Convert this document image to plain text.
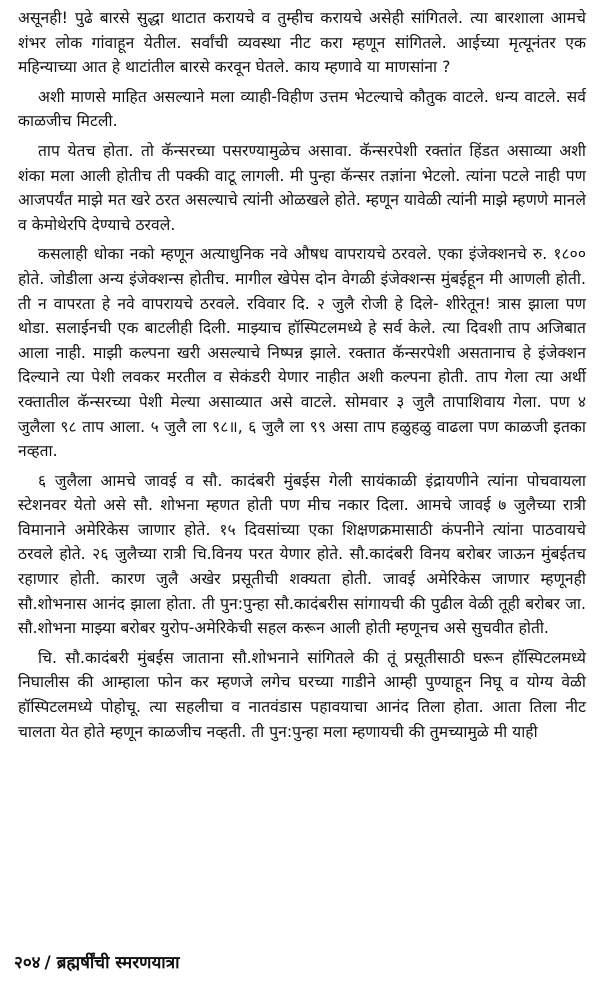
असूनही! पुढे बारसे सुद्धा थाटात करायचे व तुम्हीच करायचे असेही सांगितले. त्या बारशाला आमचे शंभर लोक गांवाहून येतील. सर्वांची व्यवस्था नीट करा म्हणून सांगितले. आईच्या मृत्यूनंतर एक महिन्याच्या आत हे थाटांतील बारसे करवून घेतले. काय म्हणावे या माणसांना ?

अशी माणसे माहित असल्याने मला व्याही-विहीण उत्तम भेटल्याचे कौतुक वाटले. धन्य वाटले. सर्व काळजीच मिटली.

ताप येतच होता. तो कॅन्सरच्या पसरण्यामुळेच असावा. कॅन्सरपेशी रक्तांत हिंडत असाव्या अशी शंका मला आली होतीच ती पक्की वाटू लागली. मी पुन्हा कॅन्सर तज्ञांना भेटलो. त्यांना पटले नाही पण आजपर्यंत माझे मत खरे ठरत असल्याचे त्यांनी ओळखले होते. म्हणून यावेळी त्यांनी माझे म्हणणे मानले व केमोथेरपि देण्याचे ठरवले.

कसलाही धोका नको म्हणून अत्याधुनिक नवे औषध वापरायचे ठरवले. एका इंजेक्शनचे रु. १८०० होते. जोडीला अन्य इंजेक्शन्स होतीच. मागील खेपेस दोन वेगळी इंजेक्शन्स मुंबईहून मी आणली होती. ती न वापरता हे नवे वापरायचे ठरवले. रविवार दि. २ जुलै रोजी हे दिले- शीरेतून! त्रास झाला पण थोडा. सलाईनची एक बाटलीही दिली. माझ्याच हॉस्पिटलमध्ये हे सर्व केले. त्या दिवशी ताप अजिबात आला नाही. माझी कल्पना खरी असल्याचे निष्पन्न झाले. रक्तात कॅन्सरपेशी असतानाच हे इंजेक्शन दिल्याने त्या पेशी लवकर मरतील व सेकंडरी येणार नाहीत अशी कल्पना होती. ताप गेला त्या अर्थी रक्तातील कॅन्सरच्या पेशी मेल्या असाव्यात असे वाटले. सोमवार ३ जुलै तापाशिवाय गेला. पण ४ जुलैला ९८ ताप आला. ५ जुलै ला ९८॥, ६ जुलै ला ९९ असा ताप हळुहळु वाढला पण काळजी इतका नव्हता.

६ जुलैला आमचे जावई व सौ. कादंबरी मुंबईस गेली सायंकाळी इंद्रायणीने त्यांना पोचवायला स्टेशनवर येतो असे सौ. शोभना म्हणत होती पण मीच नकार दिला. आमचे जावई ७ जुलैच्या रात्री विमानाने अमेरिकेस जाणार होते. १५ दिवसांच्या एका शिक्षणक्रमासाठी कंपनीने त्यांना पाठवायचे ठरवले होते. २६ जुलैच्या रात्री चि.विनय परत येणार होते. सौ.कादंबरी विनय बरोबर जाऊन मुंबईतच रहाणार होती. कारण जुलै अखेर प्रसूतीची शक्यता होती. जावई अमेरिकेस जाणार म्हणूनही सौ.शोभनास आनंद झाला होता. ती पुन:पुन्हा सौ.कादंबरीस सांगायची की पुढील वेळी तूही बरोबर जा. सौ.शोभना माझ्या बरोबर युरोप-अमेरिकेची सहल करून आली होती म्हणूनच असे सुचवीत होती.

चि. सौ.कादंबरी मुंबईस जाताना सौ.शोभनाने सांगितले की तूं प्रसूतीसाठी घरून हॉस्पिटलमध्ये निघालीस की आम्हाला फोन कर म्हणजे लगेच घरच्या गाडीने आम्ही पुण्याहून निघू व योग्य वेळी हॉस्पिटलमध्ये पोहोचू. त्या सहलीचा व नातवंडास पहावयाचा आनंद तिला होता. आता तिला नीट चालता येत होते म्हणून काळजीच नव्हती. ती पुन:पुन्हा मला म्हणायची की तुमच्यामुळे मी याही

२०४ / ब्रह्मर्षींची स्मरणयात्रा
